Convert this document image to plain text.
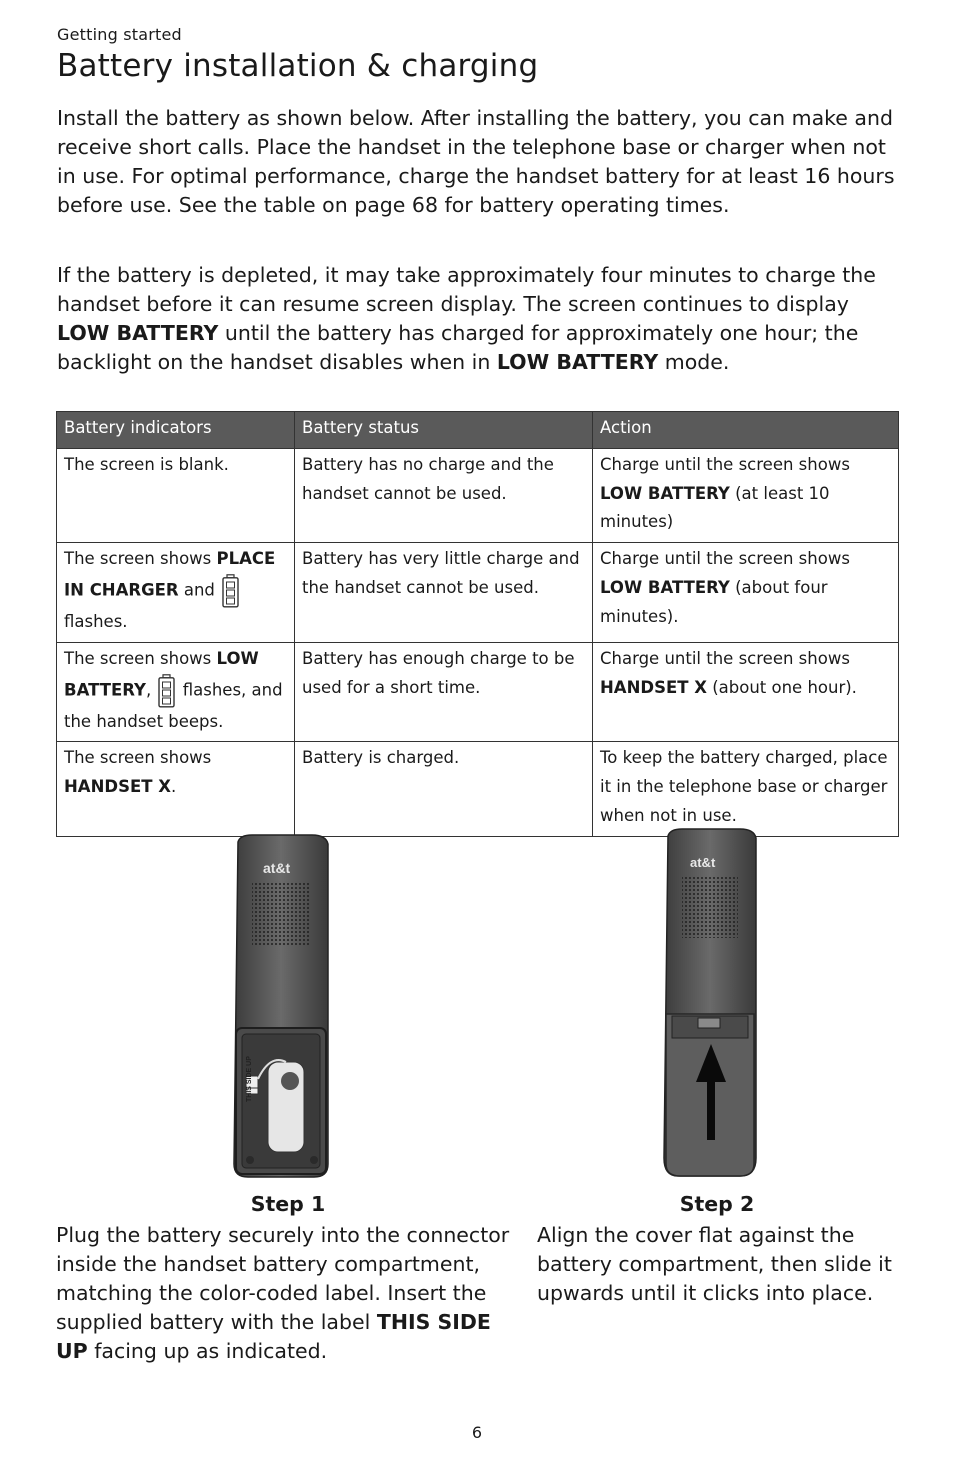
Getting started
Battery installation & charging

Install the battery as shown below. After installing the battery, you can make and receive short calls. Place the handset in the telephone base or charger when not in use. For optimal performance, charge the handset battery for at least 16 hours before use. See the table on page 68 for battery operating times.

If the battery is depleted, it may take approximately four minutes to charge the handset before it can resume screen display. The screen continues to display LOW BATTERY until the battery has charged for approximately one hour; the backlight on the handset disables when in LOW BATTERY mode.

Battery indicators	Battery status	Action
The screen is blank.	Battery has no charge and the handset cannot be used.	Charge until the screen shows LOW BATTERY (at least 10 minutes)
The screen shows PLACE IN CHARGER and  flashes.	Battery has very little charge and the handset cannot be used.	Charge until the screen shows LOW BATTERY (about four minutes).
The screen shows LOW BATTERY,  flashes, and the handset beeps.	Battery has enough charge to be used for a short time.	Charge until the screen shows HANDSET X (about one hour).
The screen shows HANDSET X.	Battery is charged.	To keep the battery charged, place it in the telephone base or charger when not in use.
at&t
THIS SIDE UP
at&t
Step 1

Plug the battery securely into the connector inside the handset battery compartment, matching the color-coded label. Insert the supplied battery with the label THIS SIDE UP facing up as indicated.

Step 2

Align the cover flat against the battery compartment, then slide it upwards until it clicks into place.

6
